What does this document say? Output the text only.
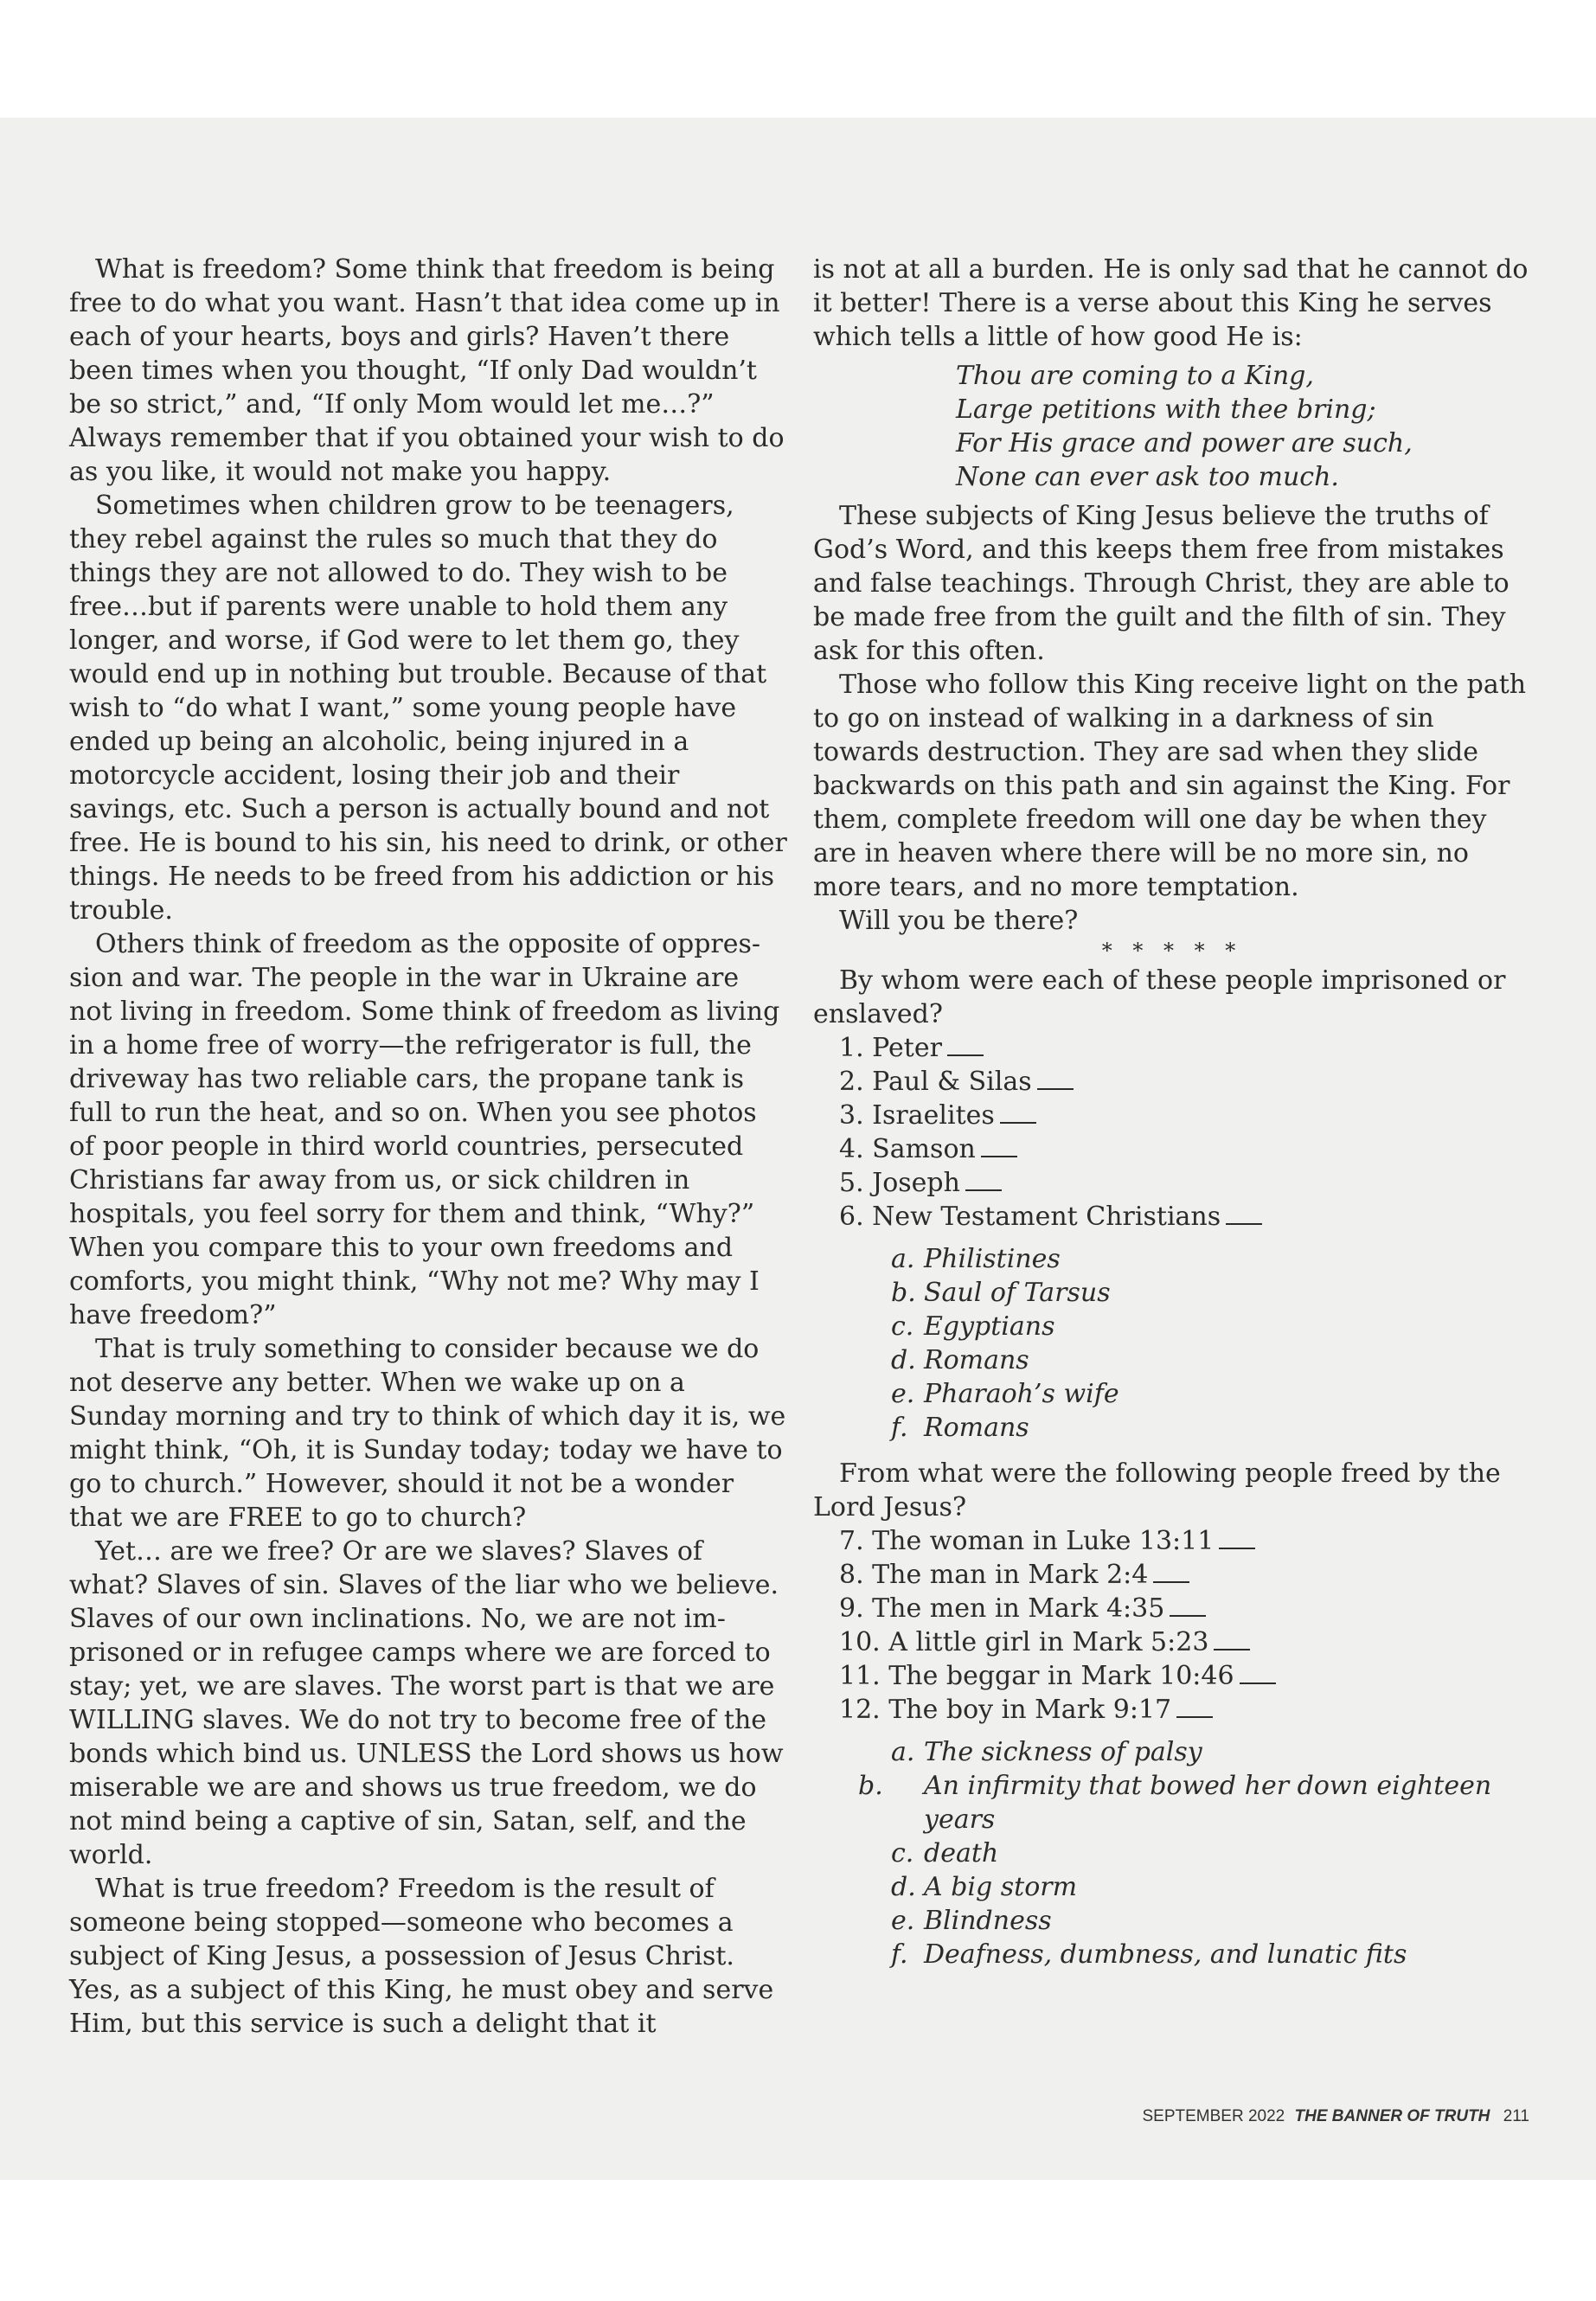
What is freedom? Some think that freedom is being free to do what you want. Hasn’t that idea come up in each of your hearts, boys and girls? Haven’t there been times when you thought, “If only Dad wouldn’t be so strict,” and, “If only Mom would let me…?” Always remember that if you obtained your wish to do as you like, it would not make you happy.

Sometimes when children grow to be teenagers, they rebel against the rules so much that they do things they are not allowed to do. They wish to be free…but if parents were unable to hold them any longer, and worse, if God were to let them go, they would end up in nothing but trouble. Because of that wish to “do what I want,” some young people have ended up being an alcoholic, being injured in a motorcycle accident, losing their job and their savings, etc. Such a person is actually bound and not free. He is bound to his sin, his need to drink, or other things. He needs to be freed from his addiction or his trouble.

Others think of freedom as the opposite of oppres-sion and war. The people in the war in Ukraine are not living in freedom. Some think of freedom as living in a home free of worry—the refrigerator is full, the driveway has two reliable cars, the propane tank is full to run the heat, and so on. When you see photos of poor people in third world countries, persecuted Christians far away from us, or sick children in hospitals, you feel sorry for them and think, “Why?” When you compare this to your own freedoms and comforts, you might think, “Why not me? Why may I have freedom?”

That is truly something to consider because we do not deserve any better. When we wake up on a Sunday morning and try to think of which day it is, we might think, “Oh, it is Sunday today; today we have to go to church.” However, should it not be a wonder that we are FREE to go to church?

Yet… are we free? Or are we slaves? Slaves of what? Slaves of sin. Slaves of the liar who we believe. Slaves of our own inclinations. No, we are not im-prisoned or in refugee camps where we are forced to stay; yet, we are slaves. The worst part is that we are WILLING slaves. We do not try to become free of the bonds which bind us. UNLESS the Lord shows us how miserable we are and shows us true freedom, we do not mind being a captive of sin, Satan, self, and the world.

What is true freedom? Freedom is the result of someone being stopped—someone who becomes a subject of King Jesus, a possession of Jesus Christ. Yes, as a subject of this King, he must obey and serve Him, but this service is such a delight that it

is not at all a burden. He is only sad that he cannot do it better! There is a verse about this King he serves which tells a little of how good He is:

Thou are coming to a King,
Large petitions with thee bring;
For His grace and power are such,
None can ever ask too much.

These subjects of King Jesus believe the truths of God’s Word, and this keeps them free from mistakes and false teachings. Through Christ, they are able to be made free from the guilt and the filth of sin. They ask for this often.

Those who follow this King receive light on the path to go on instead of walking in a darkness of sin towards destruction. They are sad when they slide backwards on this path and sin against the King. For them, complete freedom will one day be when they are in heaven where there will be no more sin, no more tears, and no more temptation.

Will you be there?

* * * * *

By whom were each of these people imprisoned or enslaved?

1. Peter
2. Paul & Silas
3. Israelites
4. Samson
5. Joseph
6. New Testament Christians
a. Philistines
b. Saul of Tarsus
c. Egyptians
d. Romans
e. Pharaoh’s wife
f. Romans

From what were the following people freed by the Lord Jesus?

7. The woman in Luke 13:11
8. The man in Mark 2:4
9. The men in Mark 4:35
10. A little girl in Mark 5:23
11. The beggar in Mark 10:46
12. The boy in Mark 9:17
a. The sickness of palsy
b. An infirmity that bowed her down eighteen years
c. death
d. A big storm
e. Blindness
f. Deafness, dumbness, and lunatic fits
SEPTEMBER 2022 THE BANNER OF TRUTH 211
